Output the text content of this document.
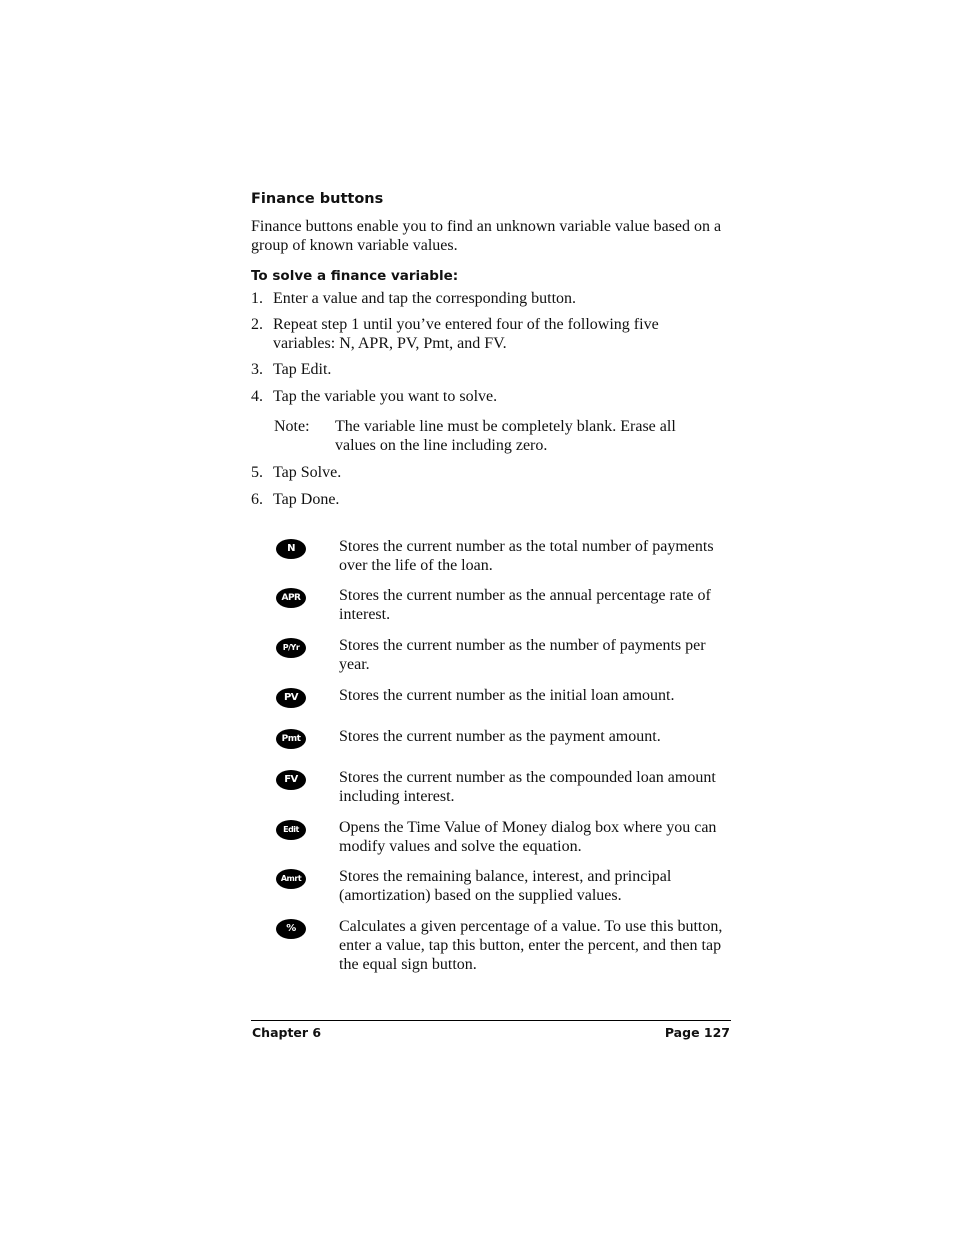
Finance buttons
Finance buttons enable you to find an unknown variable value based on a group of known variable values.
To solve a finance variable:
1. Enter a value and tap the corresponding button.
2. Repeat step 1 until you’ve entered four of the following five variables: N, APR, PV, Pmt, and FV.
3. Tap Edit.
4. Tap the variable you want to solve.
Note: The variable line must be completely blank. Erase all values on the line including zero.
5. Tap Solve.
6. Tap Done.
N	Stores the current number as the total number of payments over the life of the loan.
APR	Stores the current number as the annual percentage rate of interest.
P/Yr	Stores the current number as the number of payments per year.
PV	Stores the current number as the initial loan amount.
Pmt	Stores the current number as the payment amount.
FV	Stores the current number as the compounded loan amount including interest.
Edit	Opens the Time Value of Money dialog box where you can modify values and solve the equation.
Amrt	Stores the remaining balance, interest, and principal (amortization) based on the supplied values.
%	Calculates a given percentage of a value. To use this button, enter a value, tap this button, enter the percent, and then tap the equal sign button.
Chapter 6	Page 127
